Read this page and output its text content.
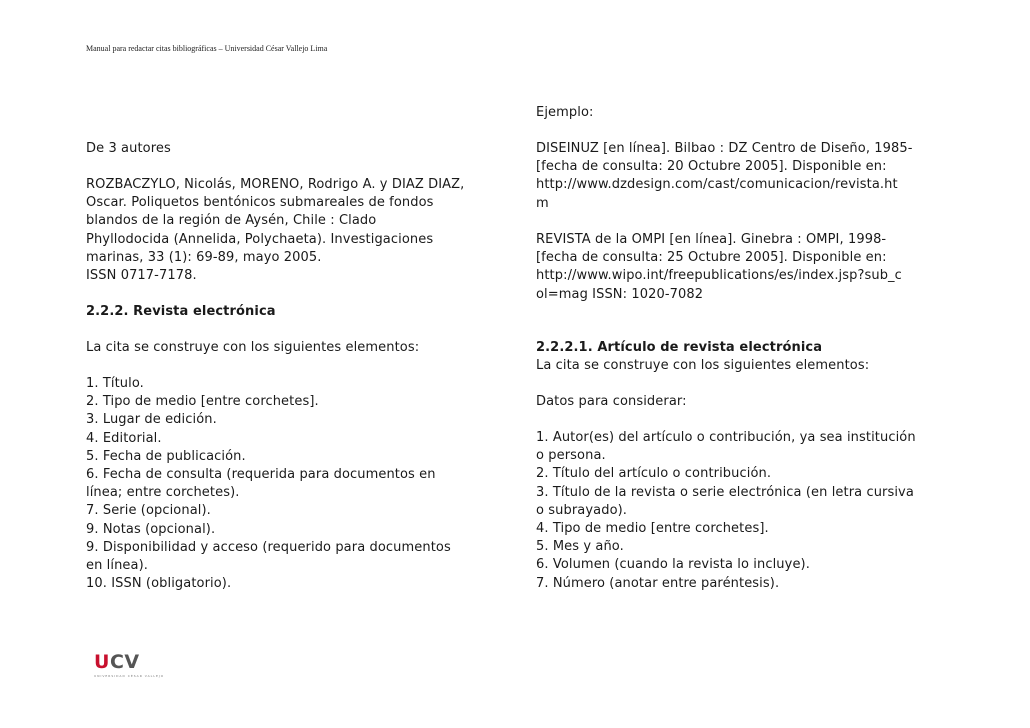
Manual para redactar citas bibliográficas – Universidad César Vallejo Lima

De 3 autores

ROZBACZYLO, Nicolás, MORENO, Rodrigo A. y DIAZ DIAZ,

Oscar. Poliquetos bentónicos submareales de fondos

blandos de la región de Aysén, Chile : Clado

Phyllodocida (Annelida, Polychaeta). Investigaciones

marinas, 33 (1): 69-89, mayo 2005.

ISSN 0717-7178.

2.2.2. Revista electrónica

La cita se construye con los siguientes elementos:

1. Título.

2. Tipo de medio [entre corchetes].

3. Lugar de edición.

4. Editorial.

5. Fecha de publicación.

6. Fecha de consulta (requerida para documentos en

línea; entre corchetes).

7. Serie (opcional).

9. Notas (opcional).

9. Disponibilidad y acceso (requerido para documentos

en línea).

10. ISSN (obligatorio).

Ejemplo:

DISEINUZ [en línea]. Bilbao : DZ Centro de Diseño, 1985-

[fecha de consulta: 20 Octubre 2005]. Disponible en:

http://www.dzdesign.com/cast/comunicacion/revista.ht

m

REVISTA de la OMPI [en línea]. Ginebra : OMPI, 1998-

[fecha de consulta: 25 Octubre 2005]. Disponible en:

http://www.wipo.int/freepublications/es/index.jsp?sub_c

ol=mag ISSN: 1020-7082

2.2.2.1. Artículo de revista electrónica

La cita se construye con los siguientes elementos:

Datos para considerar:

1. Autor(es) del artículo o contribución, ya sea institución

o persona.

2. Título del artículo o contribución.

3. Título de la revista o serie electrónica (en letra cursiva

o subrayado).

4. Tipo de medio [entre corchetes].

5. Mes y año.

6. Volumen (cuando la revista lo incluye).

7. Número (anotar entre paréntesis).

UCV
UNIVERSIDAD CÉSAR VALLEJO
